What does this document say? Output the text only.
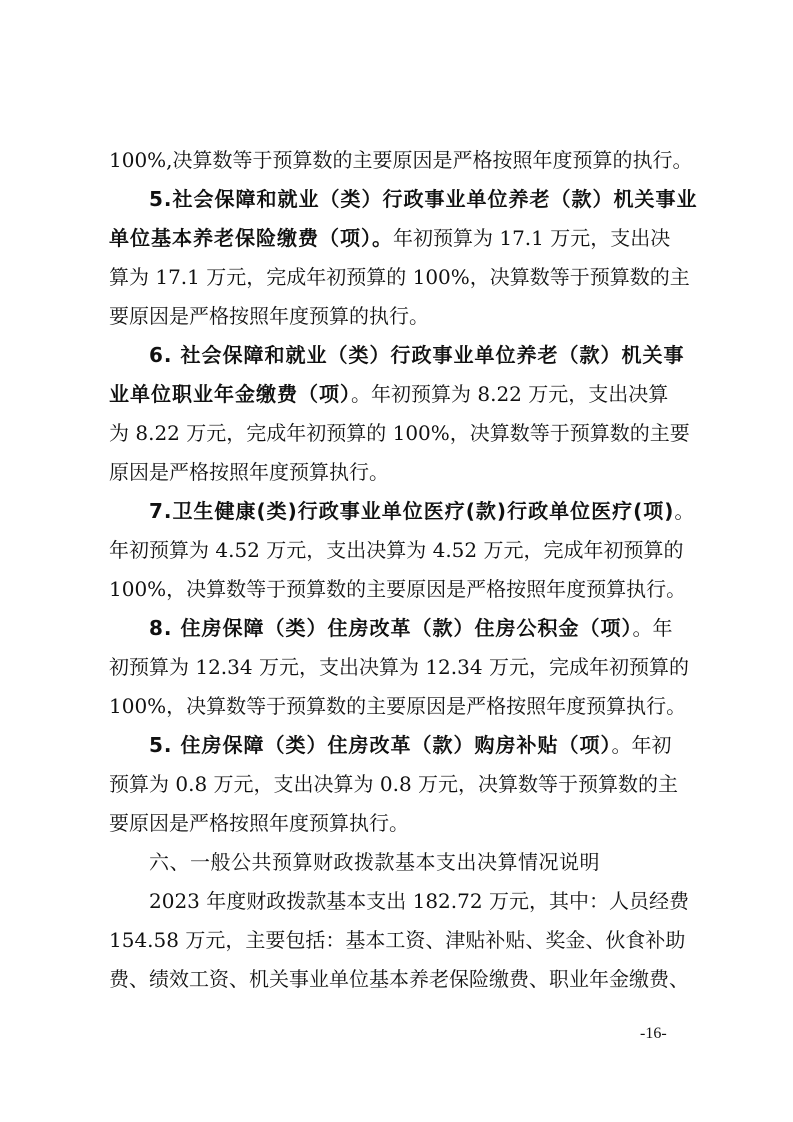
100%,决算数等于预算数的主要原因是严格按照年度预算的执行。
5.社会保障和就业（类）行政事业单位养老（款）机关事业
单位基本养老保险缴费（项）。年初预算为 17.1 万元，支出决
算为 17.1 万元，完成年初预算的 100%，决算数等于预算数的主
要原因是严格按照年度预算的执行。
6. 社会保障和就业（类）行政事业单位养老（款）机关事
业单位职业年金缴费（项）。年初预算为 8.22 万元，支出决算
为 8.22 万元，完成年初预算的 100%，决算数等于预算数的主要
原因是严格按照年度预算执行。
7.卫生健康(类)行政事业单位医疗(款)行政单位医疗(项)。
年初预算为 4.52 万元，支出决算为 4.52 万元，完成年初预算的
100%，决算数等于预算数的主要原因是严格按照年度预算执行。
8. 住房保障（类）住房改革（款）住房公积金（项）。年
初预算为 12.34 万元，支出决算为 12.34 万元，完成年初预算的
100%，决算数等于预算数的主要原因是严格按照年度预算执行。
5. 住房保障（类）住房改革（款）购房补贴（项）。年初
预算为 0.8 万元，支出决算为 0.8 万元，决算数等于预算数的主
要原因是严格按照年度预算执行。
六、一般公共预算财政拨款基本支出决算情况说明
2023 年度财政拨款基本支出 182.72 万元，其中：人员经费
154.58 万元，主要包括：基本工资、津贴补贴、奖金、伙食补助
费、绩效工资、机关事业单位基本养老保险缴费、职业年金缴费、
-16-
